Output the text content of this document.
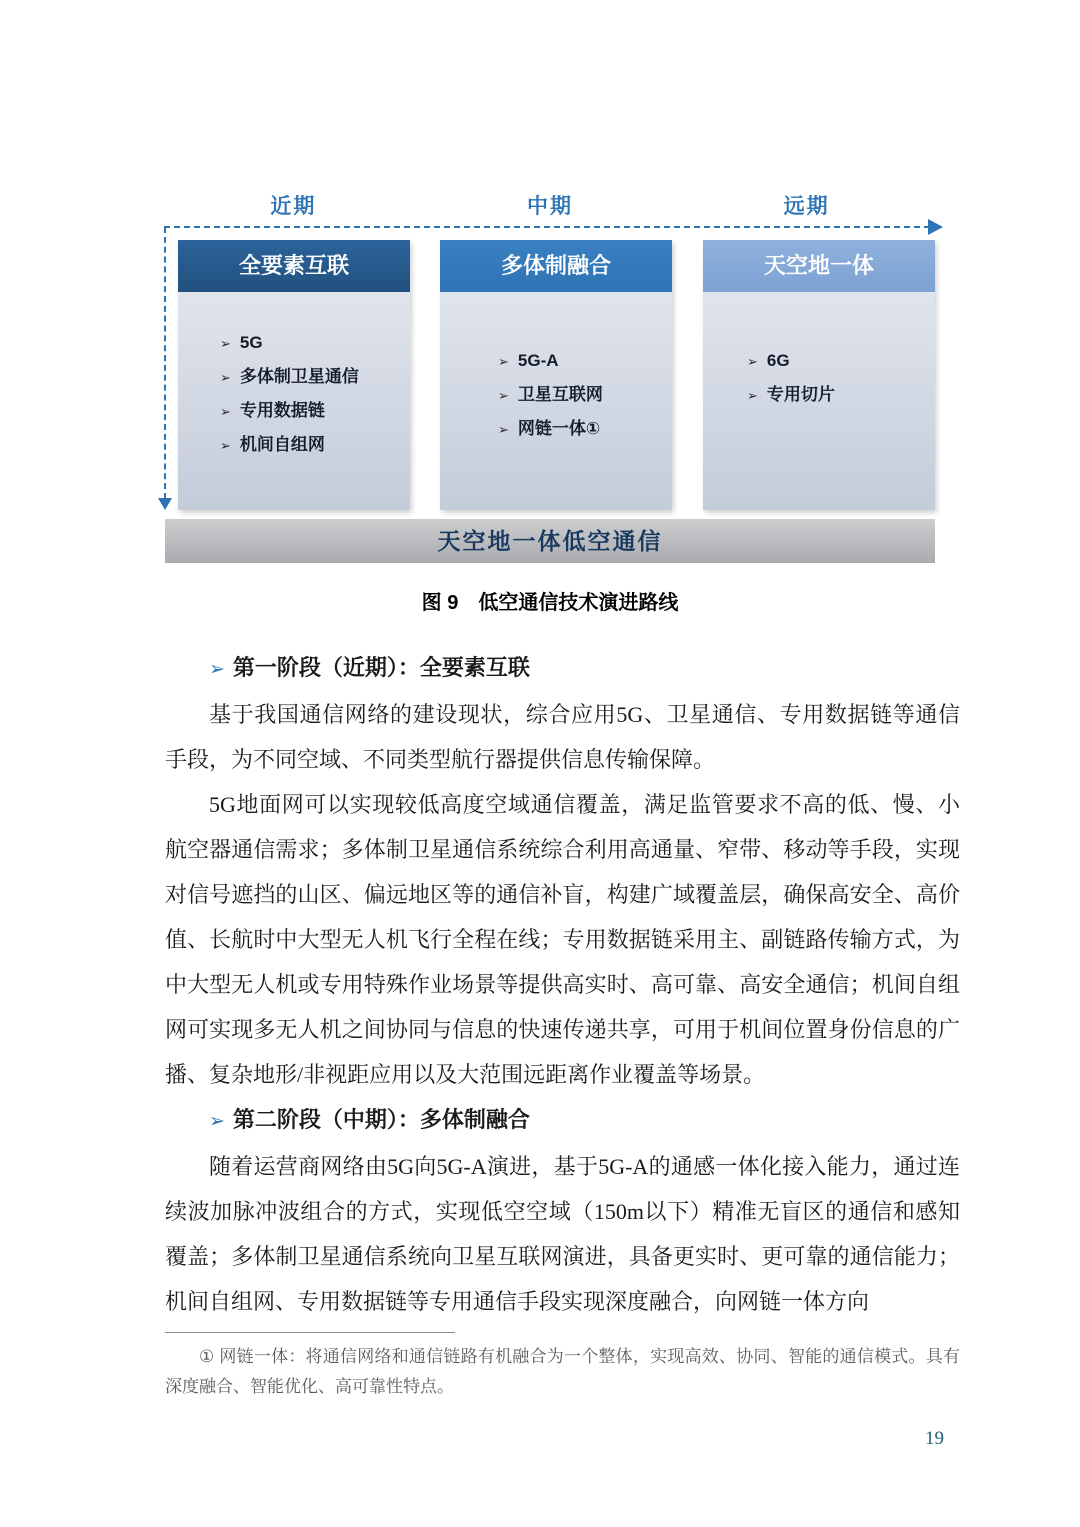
近期	中期	远期
全要素互联
➢ 5G
➢ 多体制卫星通信
➢ 专用数据链
➢ 机间自组网
多体制融合
➢ 5G-A
➢ 卫星互联网
➢ 网链一体①
天空地一体
➢ 6G
➢ 专用切片
天空地一体低空通信
图 9　低空通信技术演进路线
➢ 第一阶段（近期）：全要素互联

基于我国通信网络的建设现状，综合应用5G、卫星通信、专用数据链等通信手段，为不同空域、不同类型航行器提供信息传输保障。

5G地面网可以实现较低高度空域通信覆盖，满足监管要求不高的低、慢、小航空器通信需求；多体制卫星通信系统综合利用高通量、窄带、移动等手段，实现对信号遮挡的山区、偏远地区等的通信补盲，构建广域覆盖层，确保高安全、高价值、长航时中大型无人机飞行全程在线；专用数据链采用主、副链路传输方式，为中大型无人机或专用特殊作业场景等提供高实时、高可靠、高安全通信；机间自组网可实现多无人机之间协同与信息的快速传递共享，可用于机间位置身份信息的广播、复杂地形/非视距应用以及大范围远距离作业覆盖等场景。

➢ 第二阶段（中期）：多体制融合

随着运营商网络由5G向5G-A演进，基于5G-A的通感一体化接入能力，通过连续波加脉冲波组合的方式，实现低空空域（150m以下）精准无盲区的通信和感知覆盖；多体制卫星通信系统向卫星互联网演进，具备更实时、更可靠的通信能力；机间自组网、专用数据链等专用通信手段实现深度融合，向网链一体方向

① 网链一体：将通信网络和通信链路有机融合为一个整体，实现高效、协同、智能的通信模式。具有深度融合、智能优化、高可靠性特点。

19
